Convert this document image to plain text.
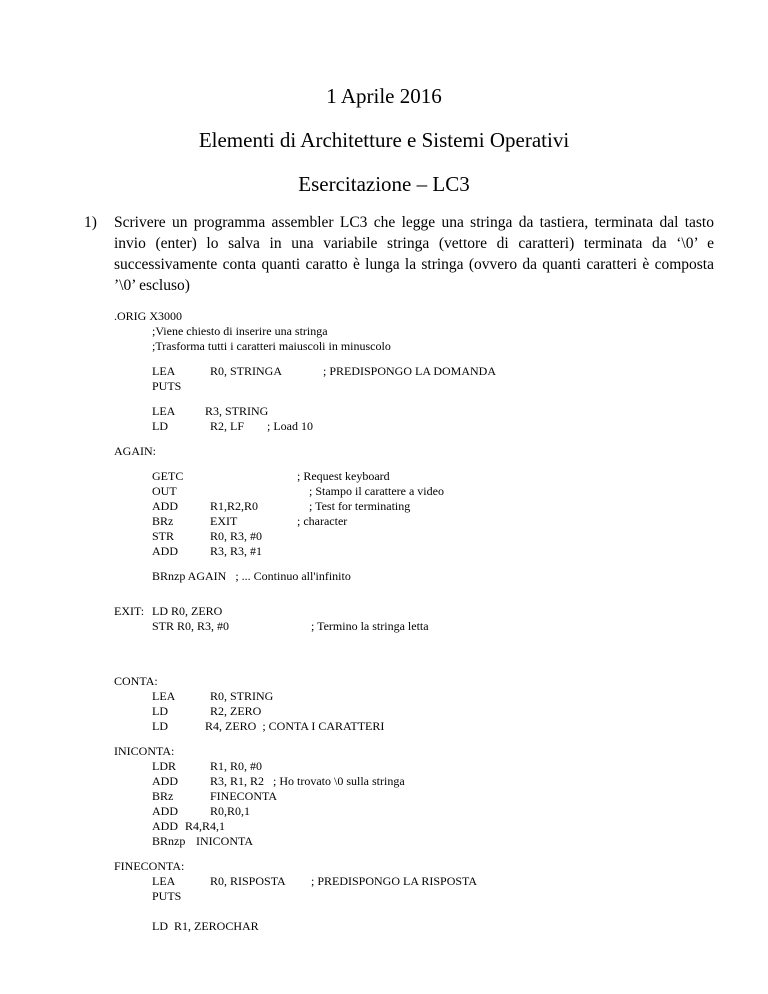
1 Aprile 2016
Elementi di Architetture e Sistemi Operativi
Esercitazione – LC3
1) Scrivere un programma assembler LC3 che legge una stringa da tastiera, terminata dal tasto invio (enter) lo salva in una variabile stringa (vettore di caratteri) terminata da ‘\0’ e successivamente conta quanti caratto è lunga la stringa (ovvero da quanti caratteri è composta ’\0’ escluso)

.ORIG X3000
;Viene chiesto di inserire una stringa
;Trasforma tutti i caratteri maiuscoli in minuscolo
LEA	R0, STRINGA	; PREDISPONGO LA DOMANDA
PUTS
LEA R3, STRING
LD	R2, LF ; Load 10
AGAIN:
GETC	; Request keyboard
OUT	; Stampo il carattere a video
ADD	R1,R2,R0	; Test for terminating
BRz	EXIT	; character
STR	R0, R3, #0
ADD	R3, R3, #1
BRnzp AGAIN   ; ... Continuo all'infinito
EXIT: LD R0, ZERO
STR R0, R3, #0	; Termino la stringa letta
CONTA:
LEA	R0, STRING
LD	R2, ZERO
LD	R4, ZERO  ; CONTA I CARATTERI
INICONTA:
LDR	R1, R0, #0
ADD	R3, R1, R2   ; Ho trovato \0 sulla stringa
BRz	FINECONTA
ADD	R0,R0,1
ADD R4,R4,1
BRnzp INICONTA
FINECONTA:
LEA	R0, RISPOSTA ; PREDISPONGO LA RISPOSTA
PUTS
LD  R1, ZEROCHAR
